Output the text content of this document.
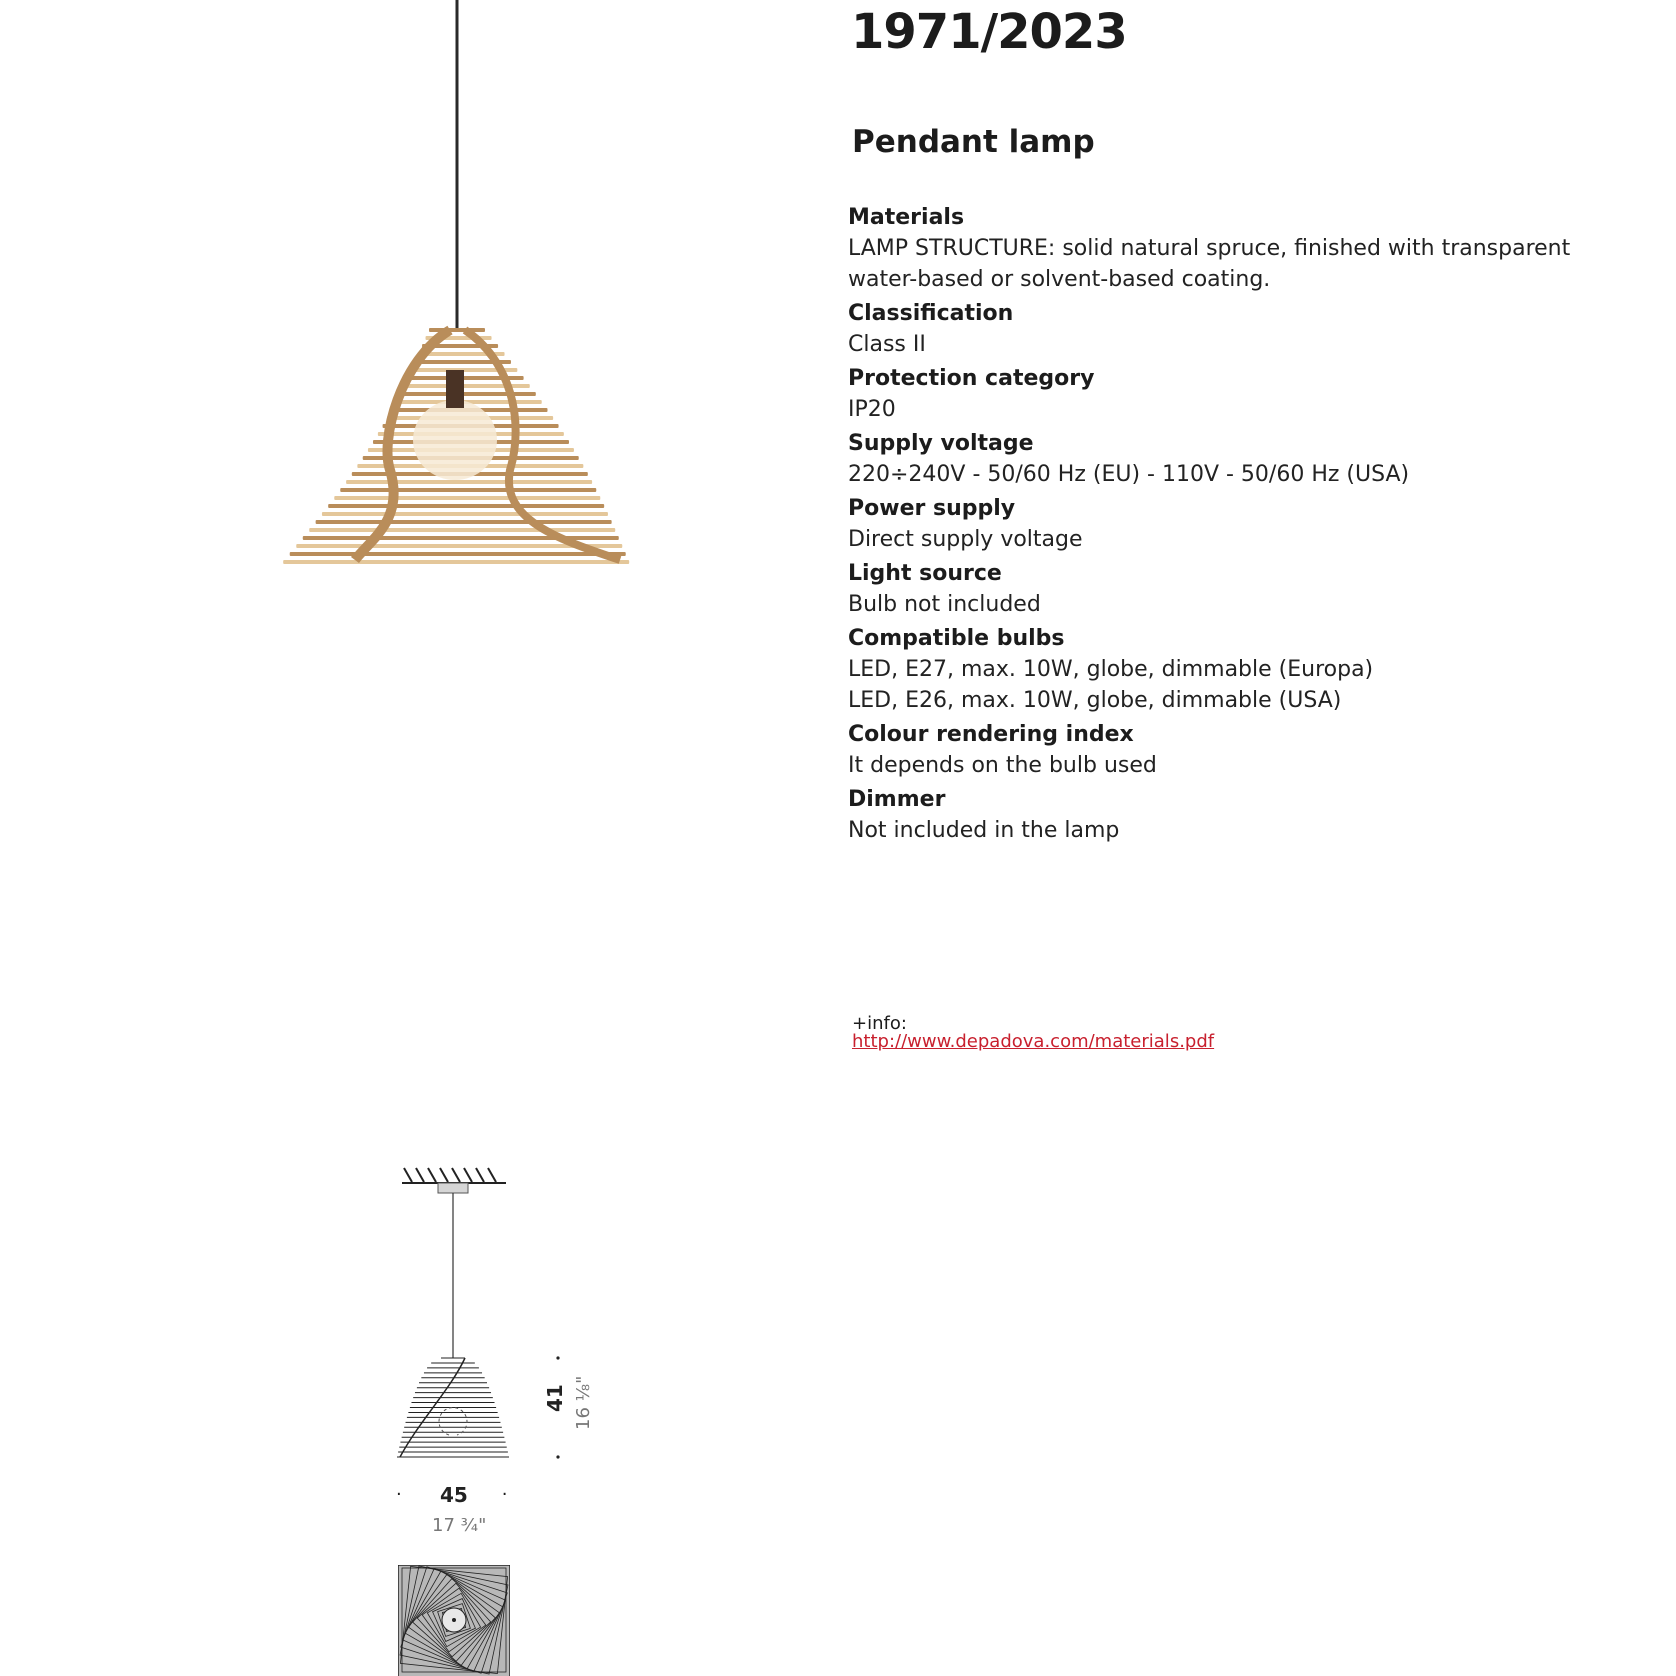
1971/2023
Pendant lamp

Materials

LAMP STRUCTURE: solid natural spruce, finished with transparent
water-based or solvent-based coating.

Classification

Class II

Protection category

IP20

Supply voltage

220÷240V - 50/60 Hz (EU) - 110V - 50/60 Hz (USA)

Power supply

Direct supply voltage

Light source

Bulb not included

Compatible bulbs

LED, E27, max. 10W, globe, dimmable (Europa)
LED, E26, max. 10W, globe, dimmable (USA)

Colour rendering index

It depends on the bulb used

Dimmer

Not included in the lamp

+info:
http://www.depadova.com/materials.pdf
45
17 ¾"
·	·
41 16 ⅛"
